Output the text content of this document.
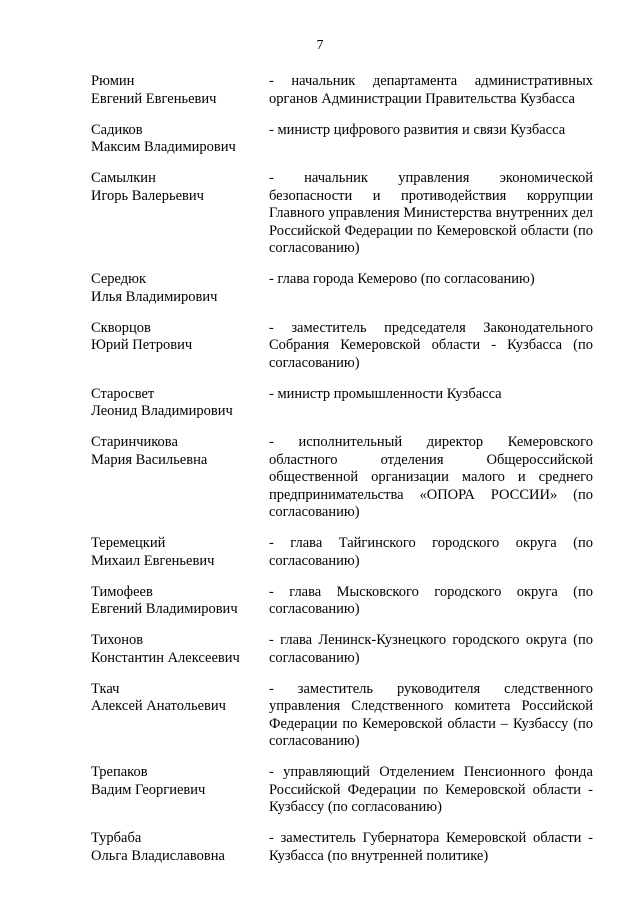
7
Рюмин
Евгений Евгеньевич
- начальник департамента административных органов Администрации Правительства Кузбасса
Садиков
Максим Владимирович
- министр цифрового развития и связи Кузбасса
Самылкин
Игорь Валерьевич
- начальник управления экономической безопасности и противодействия коррупции Главного управления Министерства внутренних дел Российской Федерации по Кемеровской области (по согласованию)
Середюк
Илья Владимирович
- глава города Кемерово (по согласованию)
Скворцов
Юрий Петрович
- заместитель председателя Законодательного Собрания Кемеровской области - Кузбасса (по согласованию)
Старосвет
Леонид Владимирович
- министр промышленности Кузбасса
Старинчикова
Мария Васильевна
- исполнительный директор Кемеровского областного отделения Общероссийской общественной организации малого и среднего предпринимательства «ОПОРА РОССИИ» (по согласованию)
Теремецкий
Михаил Евгеньевич
- глава Тайгинского городского округа (по согласованию)
Тимофеев
Евгений Владимирович
- глава Мысковского городского округа (по согласованию)
Тихонов
Константин Алексеевич
- глава Ленинск-Кузнецкого городского округа (по согласованию)
Ткач
Алексей Анатольевич
- заместитель руководителя следственного управления Следственного комитета Российской Федерации по Кемеровской области – Кузбассу (по согласованию)
Трепаков
Вадим Георгиевич
- управляющий Отделением Пенсионного фонда Российской Федерации по Кемеровской области - Кузбассу (по согласованию)
Турбаба
Ольга Владиславовна
- заместитель Губернатора Кемеровской области - Кузбасса (по внутренней политике)
